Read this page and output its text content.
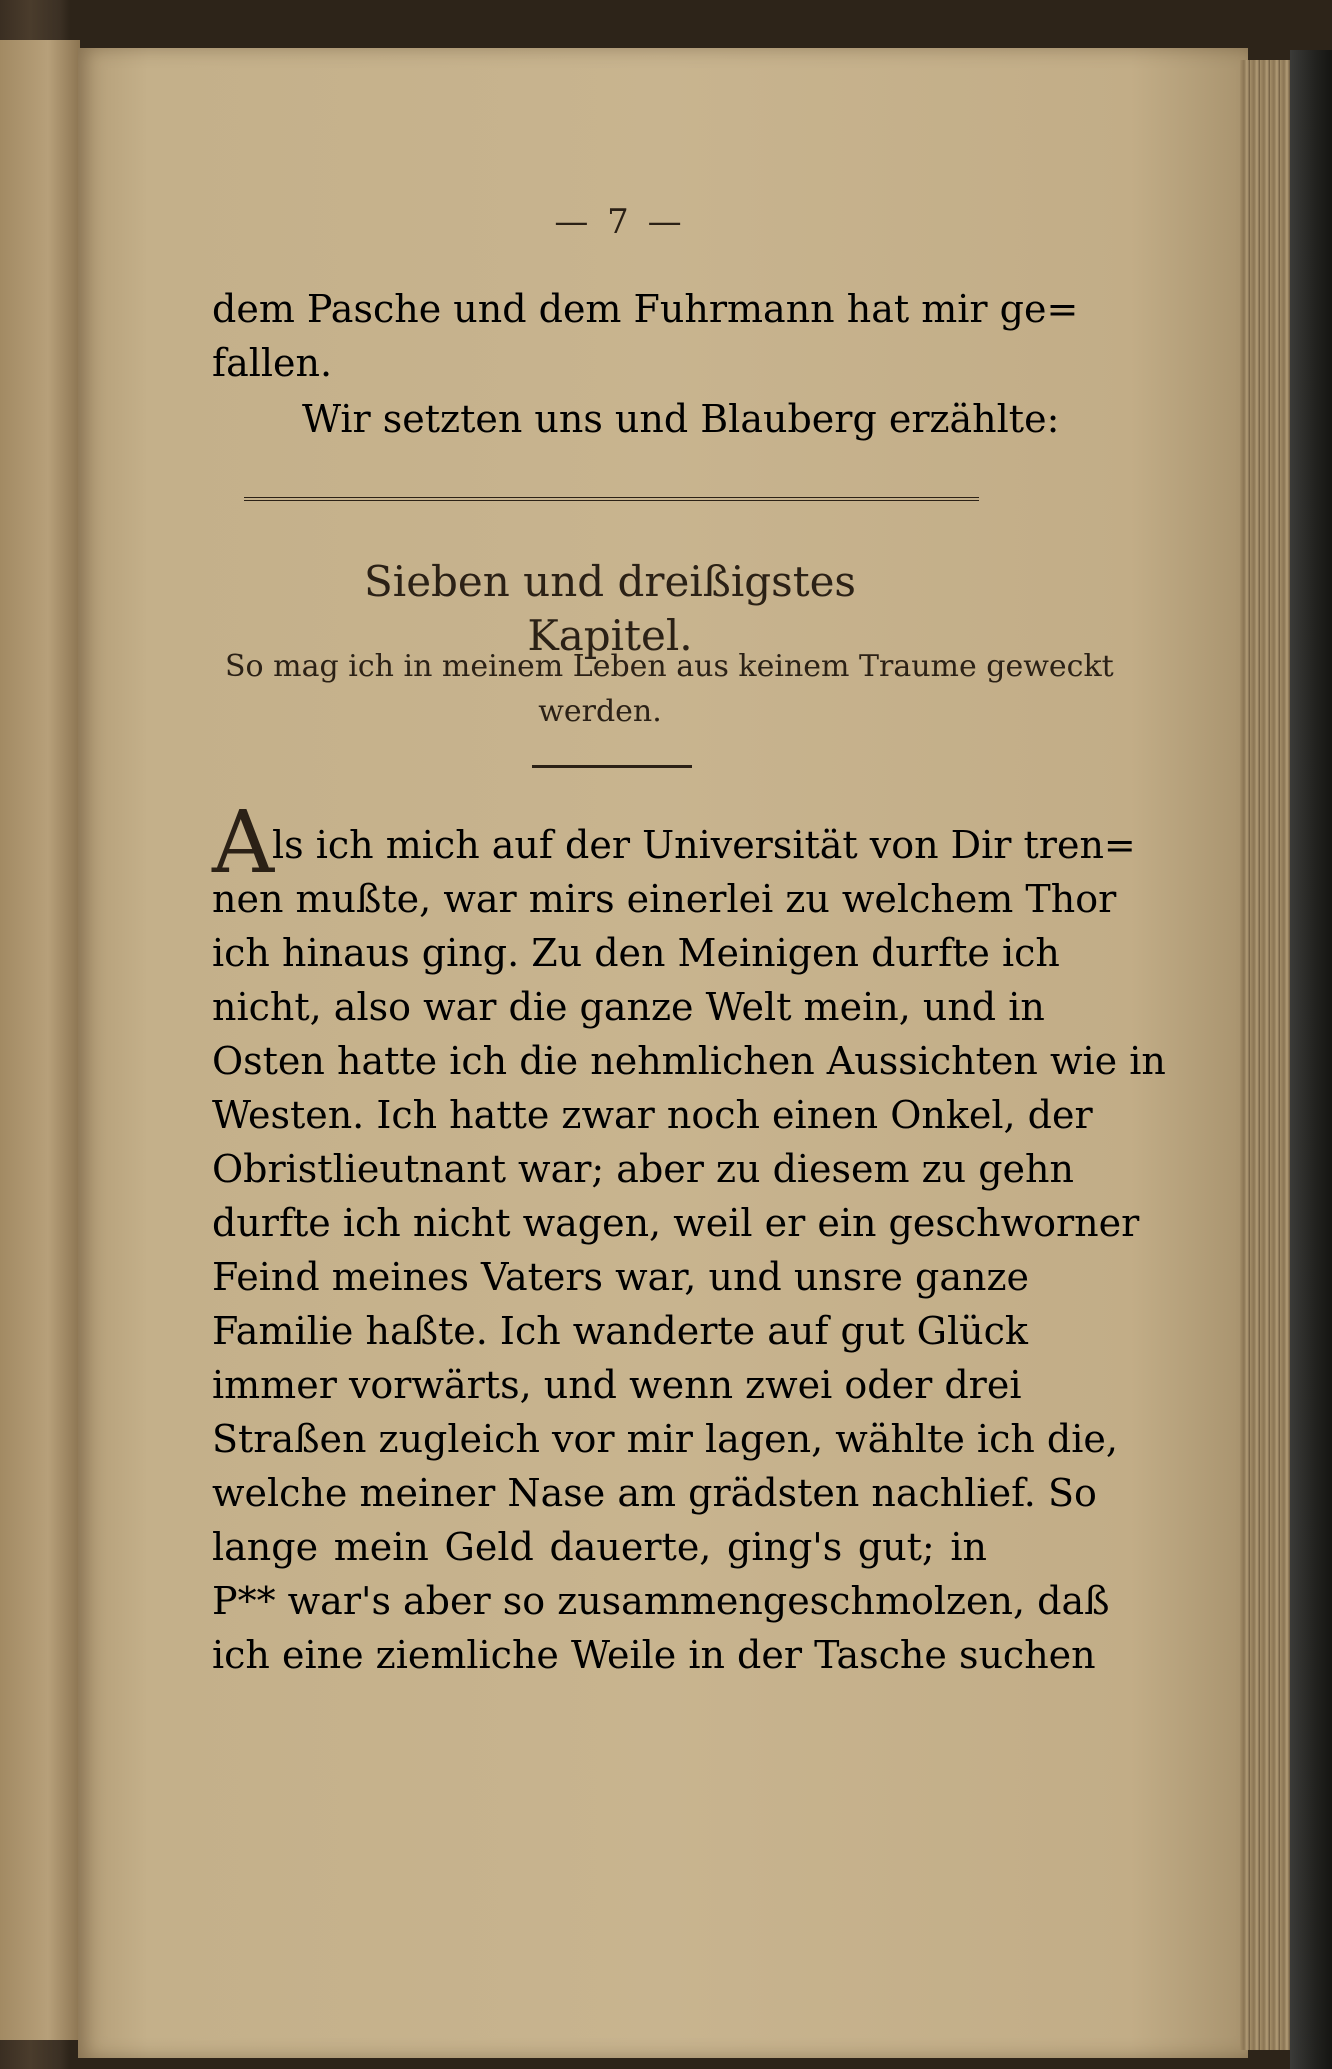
— 7 —
dem Pasche und dem Fuhrmann hat mir ge=
fallen.
Wir setzten uns und Blauberg erzählte:
Sieben und dreißigstes Kapitel.
So mag ich in meinem Leben aus keinem Traume geweckt
werden.
A
ls ich mich auf der Universität von Dir tren=
nen mußte, war mirs einerlei zu welchem Thor
ich hinaus ging. Zu den Meinigen durfte ich
nicht, also war die ganze Welt mein, und in
Osten hatte ich die nehmlichen Aussichten wie in
Westen. Ich hatte zwar noch einen Onkel, der
Obristlieutnant war; aber zu diesem zu gehn
durfte ich nicht wagen, weil er ein geschworner
Feind meines Vaters war, und unsre ganze
Familie haßte. Ich wanderte auf gut Glück
immer vorwärts, und wenn zwei oder drei
Straßen zugleich vor mir lagen, wählte ich die,
welche meiner Nase am grädsten nachlief. So
lange mein Geld dauerte, ging's gut; in
P** war's aber so zusammengeschmolzen, daß
ich eine ziemliche Weile in der Tasche suchen
